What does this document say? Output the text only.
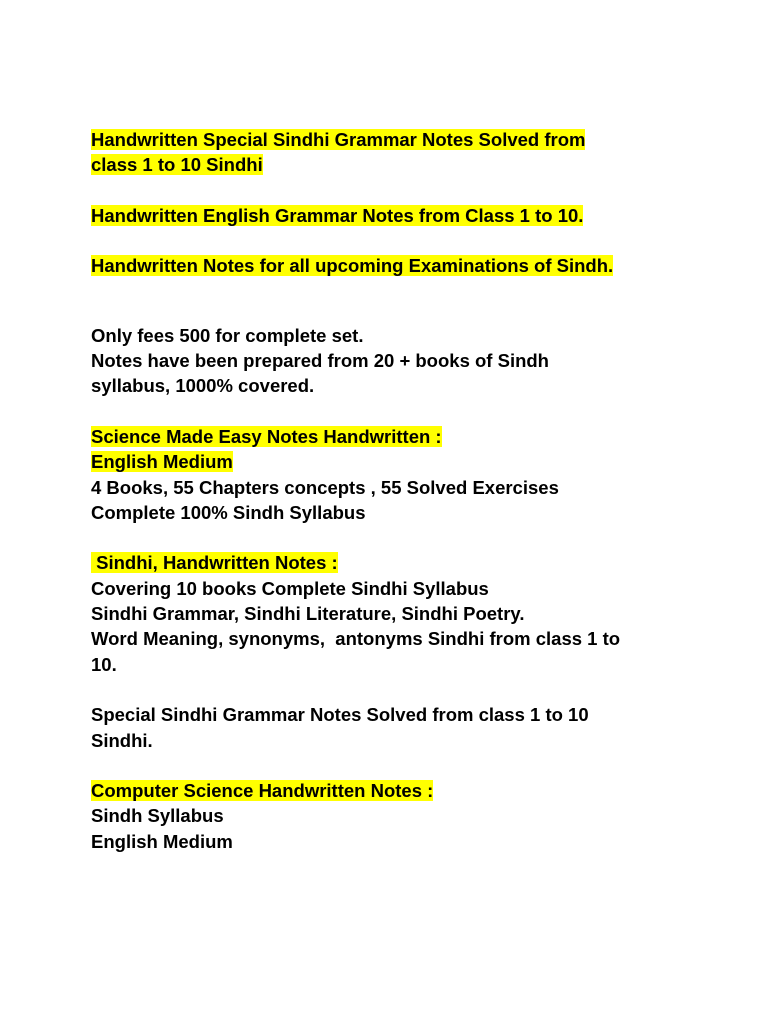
Handwritten Special Sindhi Grammar Notes Solved from
class 1 to 10 Sindhi
Handwritten English Grammar Notes from Class 1 to 10.
Handwritten Notes for all upcoming Examinations of Sindh.
Only fees 500 for complete set.
Notes have been prepared from 20 + books of Sindh
syllabus, 1000% covered.
Science Made Easy Notes Handwritten :
English Medium
4 Books, 55 Chapters concepts , 55 Solved Exercises
Complete 100% Sindh Syllabus
Sindhi, Handwritten Notes :
Covering 10 books Complete Sindhi Syllabus
Sindhi Grammar, Sindhi Literature, Sindhi Poetry.
Word Meaning, synonyms,  antonyms Sindhi from class 1 to
10.
Special Sindhi Grammar Notes Solved from class 1 to 10
Sindhi.
Computer Science Handwritten Notes :
Sindh Syllabus
English Medium
